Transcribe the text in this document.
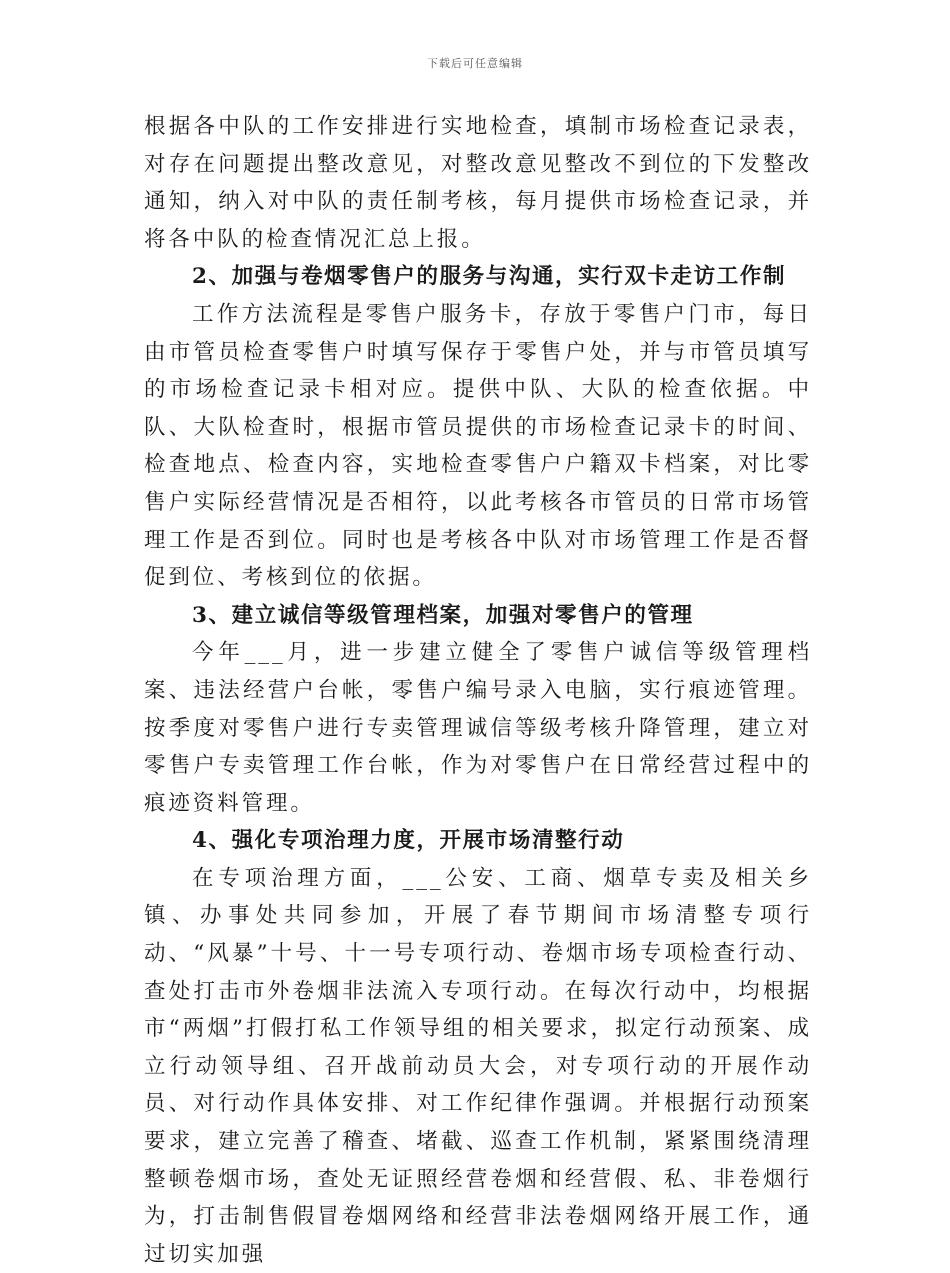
下载后可任意编辑

根据各中队的工作安排进行实地检查，填制市场检查记录表，对存在问题提出整改意见，对整改意见整改不到位的下发整改通知，纳入对中队的责任制考核，每月提供市场检查记录，并将各中队的检查情况汇总上报。

2、加强与卷烟零售户的服务与沟通，实行双卡走访工作制

工作方法流程是零售户服务卡，存放于零售户门市，每日由市管员检查零售户时填写保存于零售户处，并与市管员填写的市场检查记录卡相对应。提供中队、大队的检查依据。中队、大队检查时，根据市管员提供的市场检查记录卡的时间、检查地点、检查内容，实地检查零售户户籍双卡档案，对比零售户实际经营情况是否相符，以此考核各市管员的日常市场管理工作是否到位。同时也是考核各中队对市场管理工作是否督促到位、考核到位的依据。

3、建立诚信等级管理档案，加强对零售户的管理

今年___月，进一步建立健全了零售户诚信等级管理档案、违法经营户台帐，零售户编号录入电脑，实行痕迹管理。按季度对零售户进行专卖管理诚信等级考核升降管理，建立对零售户专卖管理工作台帐，作为对零售户在日常经营过程中的痕迹资料管理。

4、强化专项治理力度，开展市场清整行动

在专项治理方面，___公安、工商、烟草专卖及相关乡镇、办事处共同参加，开展了春节期间市场清整专项行动、“风暴”十号、十一号专项行动、卷烟市场专项检查行动、查处打击市外卷烟非法流入专项行动。在每次行动中，均根据市“两烟”打假打私工作领导组的相关要求，拟定行动预案、成立行动领导组、召开战前动员大会，对专项行动的开展作动员、对行动作具体安排、对工作纪律作强调。并根据行动预案要求，建立完善了稽查、堵截、巡查工作机制，紧紧围绕清理整顿卷烟市场，查处无证照经营卷烟和经营假、私、非卷烟行为，打击制售假冒卷烟网络和经营非法卷烟网络开展工作，通过切实加强
